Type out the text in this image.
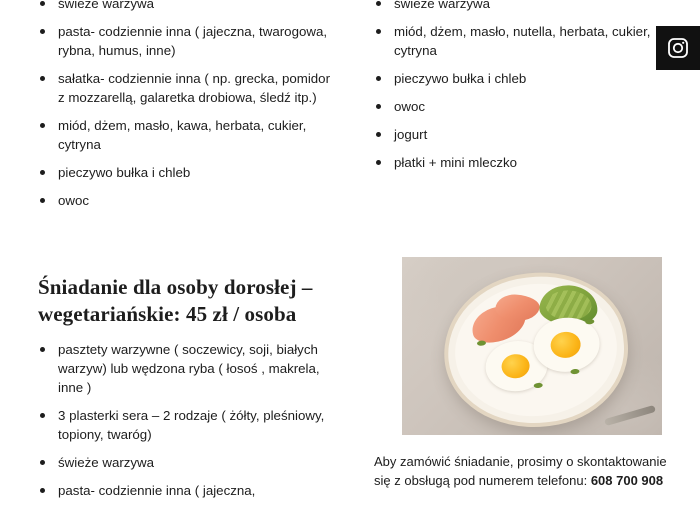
świeże warzywa
pasta- codziennie inna ( jajeczna, twarogowa, rybna, humus, inne)
sałatka- codziennie inna ( np. grecka, pomidor z mozzarellą, galaretka drobiowa, śledź itp.)
miód, dżem, masło, kawa, herbata, cukier, cytryna
pieczywo bułka i chleb
owoc
świeże warzywa
miód, dżem, masło, nutella, herbata, cukier, cytryna
pieczywo bułka i chleb
owoc
jogurt
płatki + mini mleczko
Śniadanie dla osoby dorosłej – wegetariańskie: 45 zł / osoba
pasztety warzywne ( soczewicy, soji, białych warzyw) lub wędzona ryba ( łosoś , makrela, inne )
3 plasterki sera – 2 rodzaje ( żółty, pleśniowy, topiony, twaróg)
świeże warzywa
pasta- codziennie inna ( jajeczna,
Aby zamówić śniadanie, prosimy o skontaktowanie się z obsługą pod numerem telefonu: 608 700 908
